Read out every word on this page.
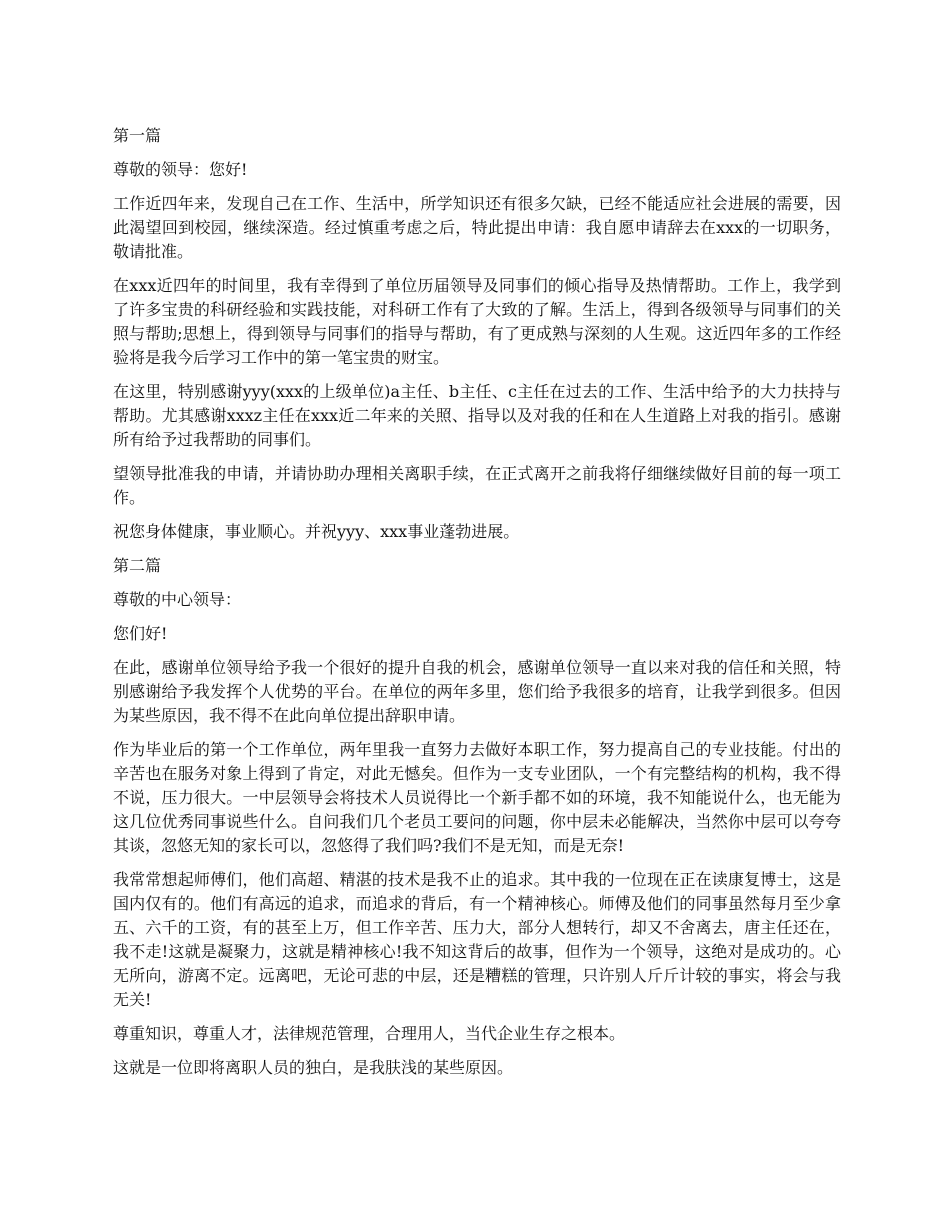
第一篇

尊敬的领导：您好!

工作近四年来，发现自己在工作、生活中，所学知识还有很多欠缺，已经不能适应社会进展的需要，因此渴望回到校园，继续深造。经过慎重考虑之后，特此提出申请：我自愿申请辞去在xxx的一切职务，敬请批准。

在xxx近四年的时间里，我有幸得到了单位历届领导及同事们的倾心指导及热情帮助。工作上，我学到了许多宝贵的科研经验和实践技能，对科研工作有了大致的了解。生活上，得到各级领导与同事们的关照与帮助;思想上，得到领导与同事们的指导与帮助，有了更成熟与深刻的人生观。这近四年多的工作经验将是我今后学习工作中的第一笔宝贵的财宝。

在这里，特别感谢yyy(xxx的上级单位)a主任、b主任、c主任在过去的工作、生活中给予的大力扶持与帮助。尤其感谢xxxz主任在xxx近二年来的关照、指导以及对我的任和在人生道路上对我的指引。感谢所有给予过我帮助的同事们。

望领导批准我的申请，并请协助办理相关离职手续，在正式离开之前我将仔细继续做好目前的每一项工作。

祝您身体健康，事业顺心。并祝yyy、xxx事业蓬勃进展。

第二篇

尊敬的中心领导：

您们好!

在此，感谢单位领导给予我一个很好的提升自我的机会，感谢单位领导一直以来对我的信任和关照，特别感谢给予我发挥个人优势的平台。在单位的两年多里，您们给予我很多的培育，让我学到很多。但因为某些原因，我不得不在此向单位提出辞职申请。

作为毕业后的第一个工作单位，两年里我一直努力去做好本职工作，努力提高自己的专业技能。付出的辛苦也在服务对象上得到了肯定，对此无憾矣。但作为一支专业团队，一个有完整结构的机构，我不得不说，压力很大。一中层领导会将技术人员说得比一个新手都不如的环境，我不知能说什么，也无能为这几位优秀同事说些什么。自问我们几个老员工要问的问题，你中层未必能解决，当然你中层可以夸夸其谈，忽悠无知的家长可以，忽悠得了我们吗?我们不是无知，而是无奈!

我常常想起师傅们，他们高超、精湛的技术是我不止的追求。其中我的一位现在正在读康复博士，这是国内仅有的。他们有高远的追求，而追求的背后，有一个精神核心。师傅及他们的同事虽然每月至少拿五、六千的工资，有的甚至上万，但工作辛苦、压力大，部分人想转行，却又不舍离去，唐主任还在，我不走!这就是凝聚力，这就是精神核心!我不知这背后的故事，但作为一个领导，这绝对是成功的。心无所向，游离不定。远离吧，无论可悲的中层，还是糟糕的管理，只许别人斤斤计较的事实，将会与我无关!

尊重知识，尊重人才，法律规范管理，合理用人，当代企业生存之根本。

这就是一位即将离职人员的独白，是我肤浅的某些原因。
